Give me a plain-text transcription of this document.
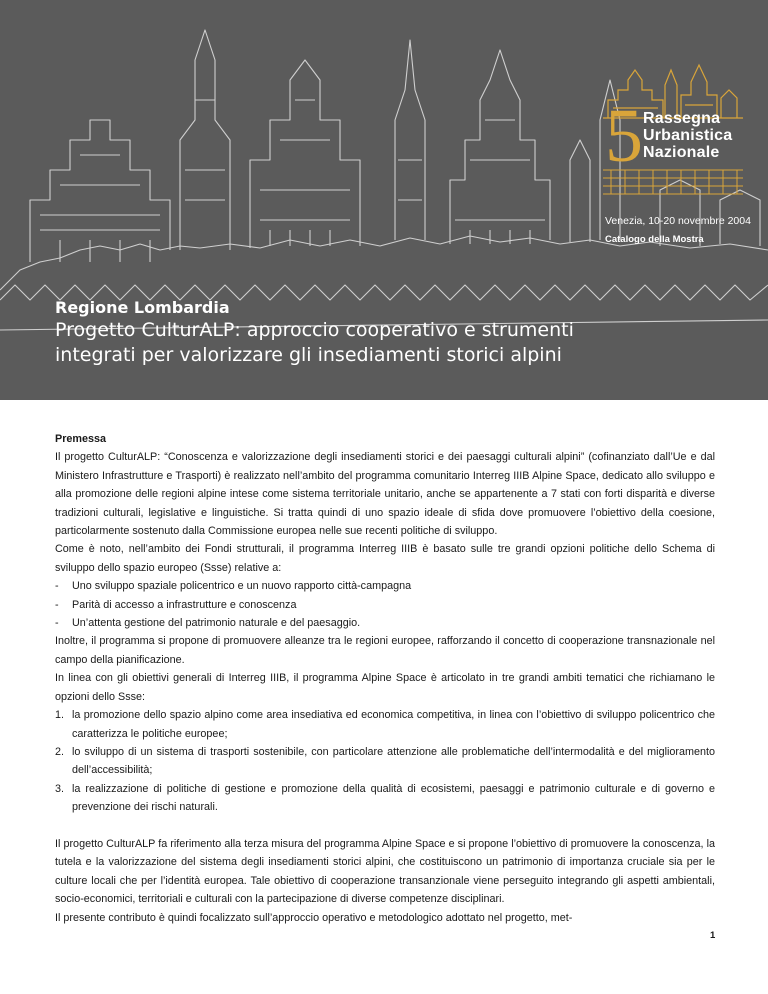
5 Rassegna
Urbanistica
Nazionale
Venezia, 10-20 novembre 2004
Catalogo della Mostra
Regione Lombardia
Progetto CulturALP: approccio cooperativo e strumenti integrati per valorizzare gli insediamenti storici alpini

Premessa

Il progetto CulturALP: “Conoscenza e valorizzazione degli insediamenti storici e dei paesaggi culturali alpini” (cofinanziato dall’Ue e dal Ministero Infrastrutture e Trasporti) è realizzato nell’ambito del programma comunitario Interreg IIIB Alpine Space, dedicato allo sviluppo e alla promozione delle regioni alpine intese come sistema territoriale unitario, anche se appartenente a 7 stati con forti disparità e diverse tradizioni culturali, legislative e linguistiche. Si tratta quindi di uno spazio ideale di sfida dove promuovere l’obiettivo della coesione, particolarmente sostenuto dalla Commissione europea nelle sue recenti politiche di sviluppo.

Come è noto, nell’ambito dei Fondi strutturali, il programma Interreg IIIB è basato sulle tre grandi opzioni politiche dello Schema di sviluppo dello spazio europeo (Ssse) relative a:

- Uno sviluppo spaziale policentrico e un nuovo rapporto città-campagna
- Parità di accesso a infrastrutture e conoscenza
- Un’attenta gestione del patrimonio naturale e del paesaggio.

Inoltre, il programma si propone di promuovere alleanze tra le regioni europee, rafforzando il concetto di cooperazione transnazionale nel campo della pianificazione.

In linea con gli obiettivi generali di Interreg IIIB, il programma Alpine Space è articolato in tre grandi ambiti tematici che richiamano le opzioni dello Ssse:

1. la promozione dello spazio alpino come area insediativa ed economica competitiva, in linea con l’obiettivo di sviluppo policentrico che caratterizza le politiche europee;
2. lo sviluppo di un sistema di trasporti sostenibile, con particolare attenzione alle problematiche dell’intermodalità e del miglioramento dell’accessibilità;
3. la realizzazione di politiche di gestione e promozione della qualità di ecosistemi, paesaggi e patrimonio culturale e di governo e prevenzione dei rischi naturali.

Il progetto CulturALP fa riferimento alla terza misura del programma Alpine Space e si propone l’obiettivo di promuovere la conoscenza, la tutela e la valorizzazione del sistema degli insediamenti storici alpini, che costituiscono un patrimonio di importanza cruciale sia per le culture locali che per l’identità europea. Tale obiettivo di cooperazione transanzionale viene perseguito integrando gli aspetti ambientali, socio-economici, territoriali e culturali con la partecipazione di diverse competenze disciplinari.

Il presente contributo è quindi focalizzato sull’approccio operativo e metodologico adottato nel progetto, met-

1
